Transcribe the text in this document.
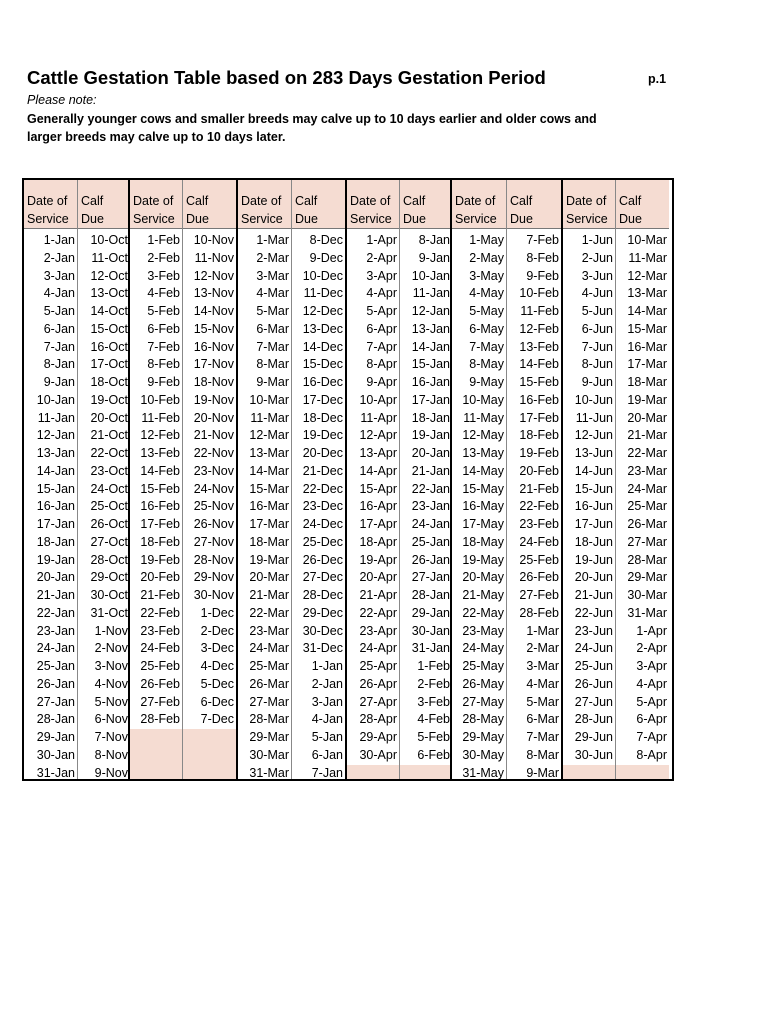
Cattle Gestation Table based on 283 Days Gestation Period	p.1
Please note:
Generally younger cows and smaller breeds may calve up to 10 days earlier and older cows and larger breeds may calve up to 10 days later.
Date of
Service
1-Jan
2-Jan
3-Jan
4-Jan
5-Jan
6-Jan
7-Jan
8-Jan
9-Jan
10-Jan
11-Jan
12-Jan
13-Jan
14-Jan
15-Jan
16-Jan
17-Jan
18-Jan
19-Jan
20-Jan
21-Jan
22-Jan
23-Jan
24-Jan
25-Jan
26-Jan
27-Jan
28-Jan
29-Jan
30-Jan
31-Jan
Calf
Due
10-Oct
11-Oct
12-Oct
13-Oct
14-Oct
15-Oct
16-Oct
17-Oct
18-Oct
19-Oct
20-Oct
21-Oct
22-Oct
23-Oct
24-Oct
25-Oct
26-Oct
27-Oct
28-Oct
29-Oct
30-Oct
31-Oct
1-Nov
2-Nov
3-Nov
4-Nov
5-Nov
6-Nov
7-Nov
8-Nov
9-Nov
Date of
Service
1-Feb
2-Feb
3-Feb
4-Feb
5-Feb
6-Feb
7-Feb
8-Feb
9-Feb
10-Feb
11-Feb
12-Feb
13-Feb
14-Feb
15-Feb
16-Feb
17-Feb
18-Feb
19-Feb
20-Feb
21-Feb
22-Feb
23-Feb
24-Feb
25-Feb
26-Feb
27-Feb
28-Feb
Calf
Due
10-Nov
11-Nov
12-Nov
13-Nov
14-Nov
15-Nov
16-Nov
17-Nov
18-Nov
19-Nov
20-Nov
21-Nov
22-Nov
23-Nov
24-Nov
25-Nov
26-Nov
27-Nov
28-Nov
29-Nov
30-Nov
1-Dec
2-Dec
3-Dec
4-Dec
5-Dec
6-Dec
7-Dec
Date of
Service
1-Mar
2-Mar
3-Mar
4-Mar
5-Mar
6-Mar
7-Mar
8-Mar
9-Mar
10-Mar
11-Mar
12-Mar
13-Mar
14-Mar
15-Mar
16-Mar
17-Mar
18-Mar
19-Mar
20-Mar
21-Mar
22-Mar
23-Mar
24-Mar
25-Mar
26-Mar
27-Mar
28-Mar
29-Mar
30-Mar
31-Mar
Calf
Due
8-Dec
9-Dec
10-Dec
11-Dec
12-Dec
13-Dec
14-Dec
15-Dec
16-Dec
17-Dec
18-Dec
19-Dec
20-Dec
21-Dec
22-Dec
23-Dec
24-Dec
25-Dec
26-Dec
27-Dec
28-Dec
29-Dec
30-Dec
31-Dec
1-Jan
2-Jan
3-Jan
4-Jan
5-Jan
6-Jan
7-Jan
Date of
Service
1-Apr
2-Apr
3-Apr
4-Apr
5-Apr
6-Apr
7-Apr
8-Apr
9-Apr
10-Apr
11-Apr
12-Apr
13-Apr
14-Apr
15-Apr
16-Apr
17-Apr
18-Apr
19-Apr
20-Apr
21-Apr
22-Apr
23-Apr
24-Apr
25-Apr
26-Apr
27-Apr
28-Apr
29-Apr
30-Apr
Calf
Due
8-Jan
9-Jan
10-Jan
11-Jan
12-Jan
13-Jan
14-Jan
15-Jan
16-Jan
17-Jan
18-Jan
19-Jan
20-Jan
21-Jan
22-Jan
23-Jan
24-Jan
25-Jan
26-Jan
27-Jan
28-Jan
29-Jan
30-Jan
31-Jan
1-Feb
2-Feb
3-Feb
4-Feb
5-Feb
6-Feb
Date of
Service
1-May
2-May
3-May
4-May
5-May
6-May
7-May
8-May
9-May
10-May
11-May
12-May
13-May
14-May
15-May
16-May
17-May
18-May
19-May
20-May
21-May
22-May
23-May
24-May
25-May
26-May
27-May
28-May
29-May
30-May
31-May
Calf
Due
7-Feb
8-Feb
9-Feb
10-Feb
11-Feb
12-Feb
13-Feb
14-Feb
15-Feb
16-Feb
17-Feb
18-Feb
19-Feb
20-Feb
21-Feb
22-Feb
23-Feb
24-Feb
25-Feb
26-Feb
27-Feb
28-Feb
1-Mar
2-Mar
3-Mar
4-Mar
5-Mar
6-Mar
7-Mar
8-Mar
9-Mar
Date of
Service
1-Jun
2-Jun
3-Jun
4-Jun
5-Jun
6-Jun
7-Jun
8-Jun
9-Jun
10-Jun
11-Jun
12-Jun
13-Jun
14-Jun
15-Jun
16-Jun
17-Jun
18-Jun
19-Jun
20-Jun
21-Jun
22-Jun
23-Jun
24-Jun
25-Jun
26-Jun
27-Jun
28-Jun
29-Jun
30-Jun
Calf
Due
10-Mar
11-Mar
12-Mar
13-Mar
14-Mar
15-Mar
16-Mar
17-Mar
18-Mar
19-Mar
20-Mar
21-Mar
22-Mar
23-Mar
24-Mar
25-Mar
26-Mar
27-Mar
28-Mar
29-Mar
30-Mar
31-Mar
1-Apr
2-Apr
3-Apr
4-Apr
5-Apr
6-Apr
7-Apr
8-Apr
